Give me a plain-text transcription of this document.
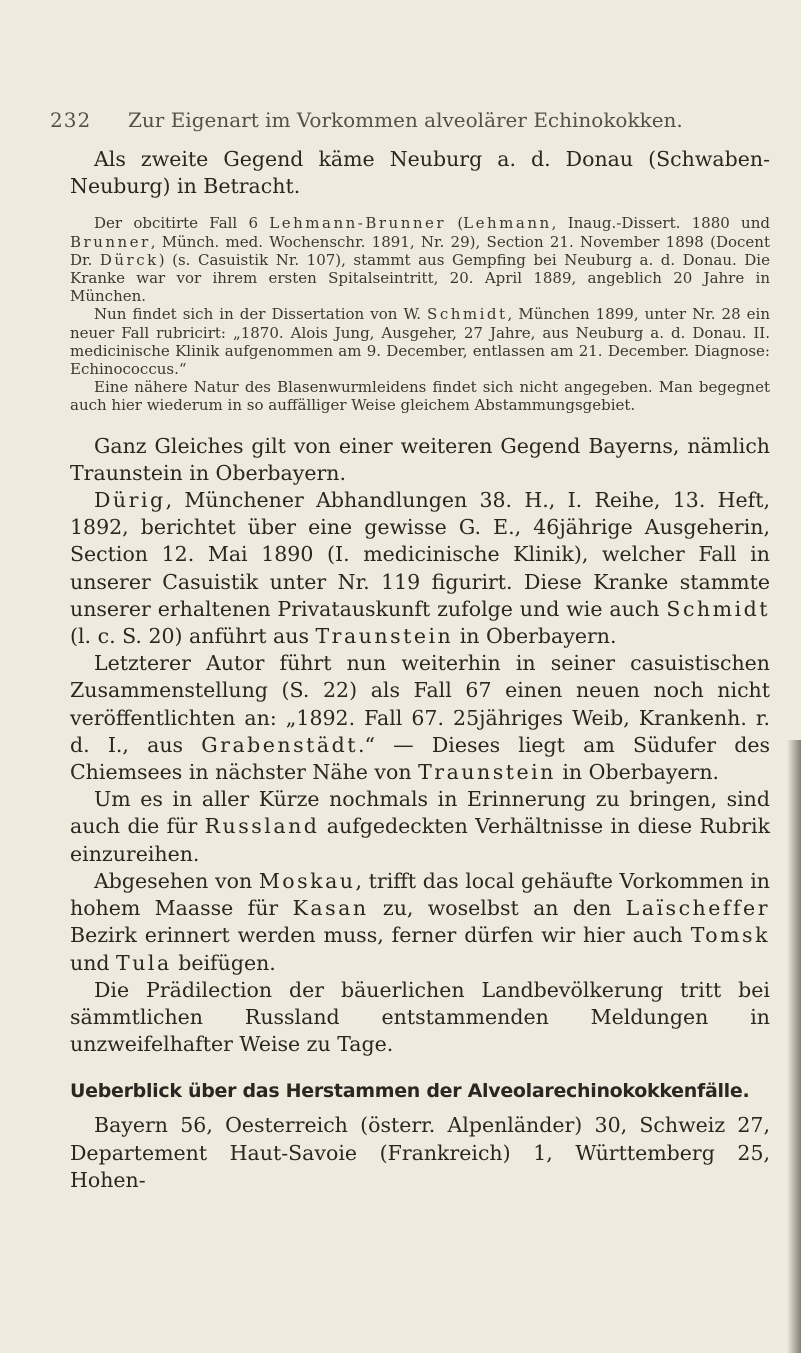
232 Zur Eigenart im Vorkommen alveolärer Echinokokken.

Als zweite Gegend käme Neuburg a. d. Donau (Schwaben-Neuburg) in Betracht.

Der obcitirte Fall 6 Lehmann-Brunner (Lehmann, Inaug.-Dissert. 1880 und Brunner, Münch. med. Wochenschr. 1891, Nr. 29), Section 21. November 1898 (Docent Dr. Dürck) (s. Casuistik Nr. 107), stammt aus Gempfing bei Neuburg a. d. Donau. Die Kranke war vor ihrem ersten Spitalseintritt, 20. April 1889, angeblich 20 Jahre in München.

Nun findet sich in der Dissertation von W. Schmidt, München 1899, unter Nr. 28 ein neuer Fall rubricirt: „1870. Alois Jung, Ausgeher, 27 Jahre, aus Neuburg a. d. Donau. II. medicinische Klinik aufgenommen am 9. December, entlassen am 21. December. Diagnose: Echinococcus.“

Eine nähere Natur des Blasenwurmleidens findet sich nicht angegeben. Man begegnet auch hier wiederum in so auffälliger Weise gleichem Abstammungsgebiet.

Ganz Gleiches gilt von einer weiteren Gegend Bayerns, nämlich Traunstein in Oberbayern.

Dürig, Münchener Abhandlungen 38. H., I. Reihe, 13. Heft, 1892, berichtet über eine gewisse G. E., 46jährige Ausgeherin, Section 12. Mai 1890 (I. medicinische Klinik), welcher Fall in unserer Casuistik unter Nr. 119 figurirt. Diese Kranke stammte unserer erhaltenen Privatauskunft zufolge und wie auch Schmidt (l. c. S. 20) anführt aus Traunstein in Oberbayern.

Letzterer Autor führt nun weiterhin in seiner casuistischen Zusammenstellung (S. 22) als Fall 67 einen neuen noch nicht veröffentlichten an: „1892. Fall 67. 25jähriges Weib, Krankenh. r. d. I., aus Grabenstädt.“ — Dieses liegt am Südufer des Chiemsees in nächster Nähe von Traunstein in Oberbayern.

Um es in aller Kürze nochmals in Erinnerung zu bringen, sind auch die für Russland aufgedeckten Verhältnisse in diese Rubrik einzureihen.

Abgesehen von Moskau, trifft das local gehäufte Vorkommen in hohem Maasse für Kasan zu, woselbst an den Laïscheffer Bezirk erinnert werden muss, ferner dürfen wir hier auch Tomsk und Tula beifügen.

Die Prädilection der bäuerlichen Landbevölkerung tritt bei sämmtlichen Russland entstammenden Meldungen in unzweifelhafter Weise zu Tage.

Ueberblick über das Herstammen der Alveolarechinokokkenfälle.

Bayern 56, Oesterreich (österr. Alpenländer) 30, Schweiz 27, Departement Haut-Savoie (Frankreich) 1, Württemberg 25, Hohen-
